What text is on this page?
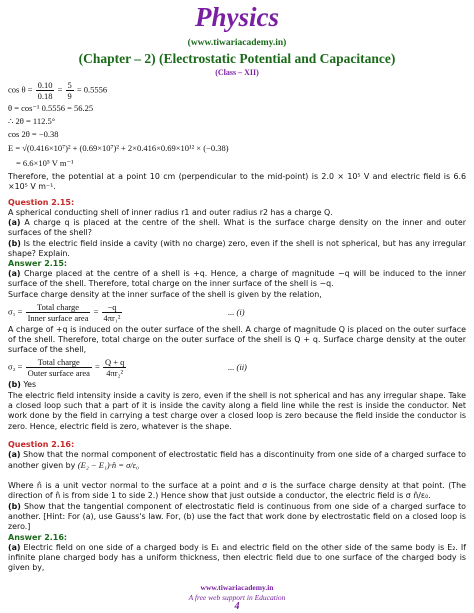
Physics
(www.tiwariacademy.in)
(Chapter – 2) (Electrostatic Potential and Capacitance)
(Class – XII)
$\cos \theta = \frac{0.10}{0.18} = \frac{5}{9} = 0.5556$
θ = cos⁻¹ 0.5556 = 56.25
∴ 2θ = 112.5°
cos 2θ = −0.38
E = √(0.416×10⁷)² + (0.69×10⁷)² + 2×0.416×0.69×10¹² × (−0.38)
= 6.6×10⁵ V m⁻¹
Therefore, the potential at a point 10 cm (perpendicular to the mid-point) is 2.0 × 10⁵ V and electric field is 6.6 ×10⁵ V m⁻¹.
Question 2.15:
A spherical conducting shell of inner radius r1 and outer radius r2 has a charge Q.
(a) A charge q is placed at the centre of the shell. What is the surface charge density on the inner and outer surfaces of the shell?
(b) Is the electric field inside a cavity (with no charge) zero, even if the shell is not spherical, but has any irregular shape? Explain.
Answer 2.15:
(a) Charge placed at the centre of a shell is +q. Hence, a charge of magnitude −q will be induced to the inner surface of the shell. Therefore, total charge on the inner surface of the shell is −q.
Surface charge density at the inner surface of the shell is given by the relation,
$\sigma_1 = \frac{\text{Total charge}}{\text{Inner surface area}} = \frac{-q}{\text{4πr₁²}}$	... (i)
A charge of +q is induced on the outer surface of the shell. A charge of magnitude Q is placed on the outer surface of the shell. Therefore, total charge on the outer surface of the shell is Q + q. Surface charge density at the outer surface of the shell,
$\sigma_2 = \frac{\text{Total charge}}{\text{Outer surface area}} = \frac{Q + q}{\text{4πr₂²}}$	... (ii)
(b) Yes
The electric field intensity inside a cavity is zero, even if the shell is not spherical and has any irregular shape. Take a closed loop such that a part of it is inside the cavity along a field line while the rest is inside the conductor. Net work done by the field in carrying a test charge over a closed loop is zero because the field inside the conductor is zero. Hence, electric field is zero, whatever is the shape.
Question 2.16:
(a) Show that the normal component of electrostatic field has a discontinuity from one side of a charged surface to another given by (E₂ − E₁)·n̂ = σ/ε₀
Where n̂ is a unit vector normal to the surface at a point and σ is the surface charge density at that point. (The direction of n̂ is from side 1 to side 2.) Hence show that just outside a conductor, the electric field is σ n̂/ε₀.
(b) Show that the tangential component of electrostatic field is continuous from one side of a charged surface to another. [Hint: For (a), use Gauss's law. For, (b) use the fact that work done by electrostatic field on a closed loop is zero.]
Answer 2.16:
(a) Electric field on one side of a charged body is E₁ and electric field on the other side of the same body is E₂. If infinite plane charged body has a uniform thickness, then electric field due to one surface of the charged body is given by,
www.tiwariacademy.in
A free web support in Education
4
